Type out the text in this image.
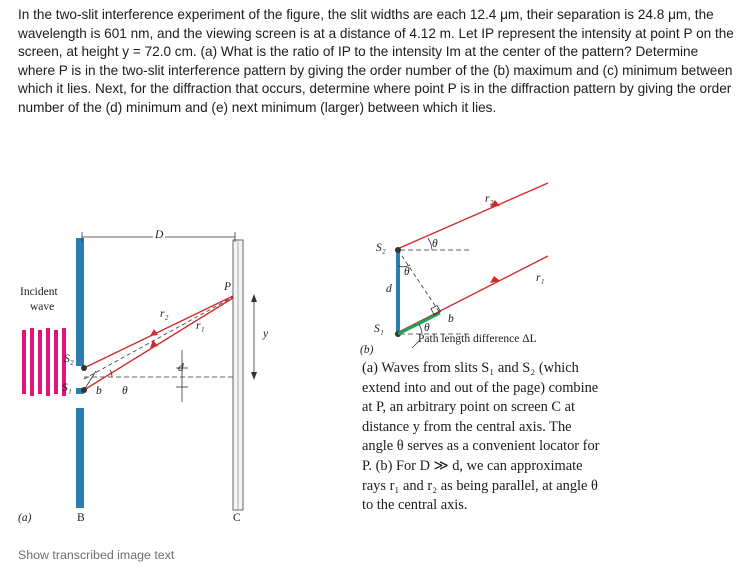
In the two-slit interference experiment of the figure, the slit widths are each 12.4 μm, their separation is 24.8 μm, the wavelength is 601 nm, and the viewing screen is at a distance of 4.12 m. Let IP represent the intensity at point P on the screen, at height y = 72.0 cm. (a) What is the ratio of IP to the intensity Im at the center of the pattern? Determine where P is in the two-slit interference pattern by giving the order number of the (b) maximum and (c) minimum between which it lies. Next, for the diffraction that occurs, determine where point P is in the diffraction pattern by giving the order number of the (d) minimum and (e) next minimum (larger) between which it lies.
Incident
wave
(a)	B	C
P
D
y
r₁
r₂
d
b θ
S₁
S₂
(b)
S₁
S₂
r₁
r₂
d
b
θ
θ
θ
Path length difference ΔL
(a) Waves from slits S₁ and S₂ (which extend into and out of the page) combine at P, an arbitrary point on screen C at distance y from the central axis. The angle θ serves as a convenient locator for P. (b) For D ≫ d, we can approximate rays r₁ and r₂ as being parallel, at angle θ to the central axis.
Show transcribed image text
